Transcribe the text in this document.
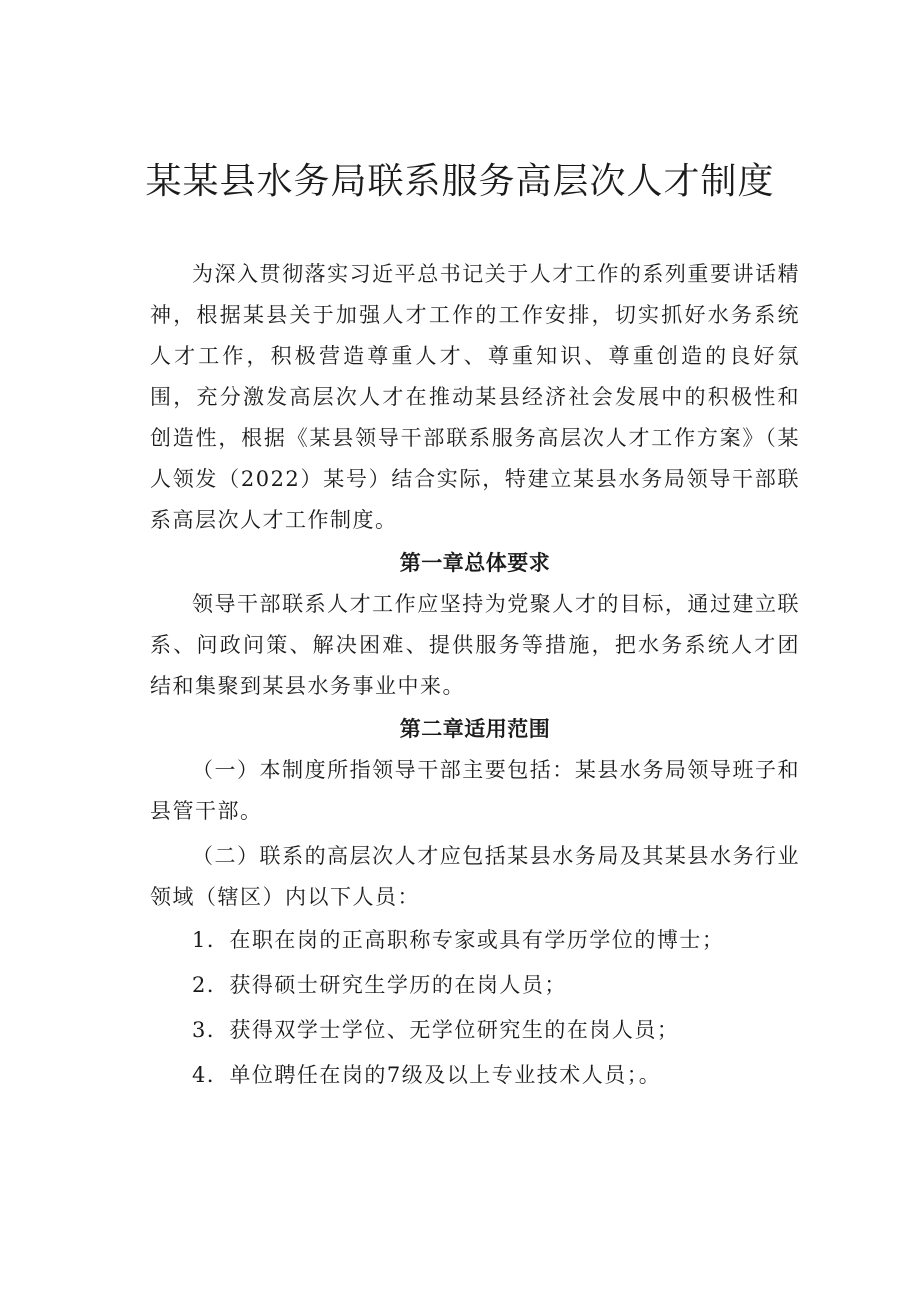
某某县水务局联系服务高层次人才制度

为深入贯彻落实习近平总书记关于人才工作的系列重要讲话精神，根据某县关于加强人才工作的工作安排，切实抓好水务系统人才工作，积极营造尊重人才、尊重知识、尊重创造的良好氛围，充分激发高层次人才在推动某县经济社会发展中的积极性和创造性，根据《某县领导干部联系服务高层次人才工作方案》（某人领发（2022）某号）结合实际，特建立某县水务局领导干部联系高层次人才工作制度。

第一章总体要求

领导干部联系人才工作应坚持为党聚人才的目标，通过建立联系、问政问策、解决困难、提供服务等措施，把水务系统人才团结和集聚到某县水务事业中来。

第二章适用范围

（一）本制度所指领导干部主要包括：某县水务局领导班子和县管干部。

（二）联系的高层次人才应包括某县水务局及其某县水务行业领域（辖区）内以下人员：

1．在职在岗的正高职称专家或具有学历学位的博士；

2．获得硕士研究生学历的在岗人员；

3．获得双学士学位、无学位研究生的在岗人员；

4．单位聘任在岗的7级及以上专业技术人员；。
